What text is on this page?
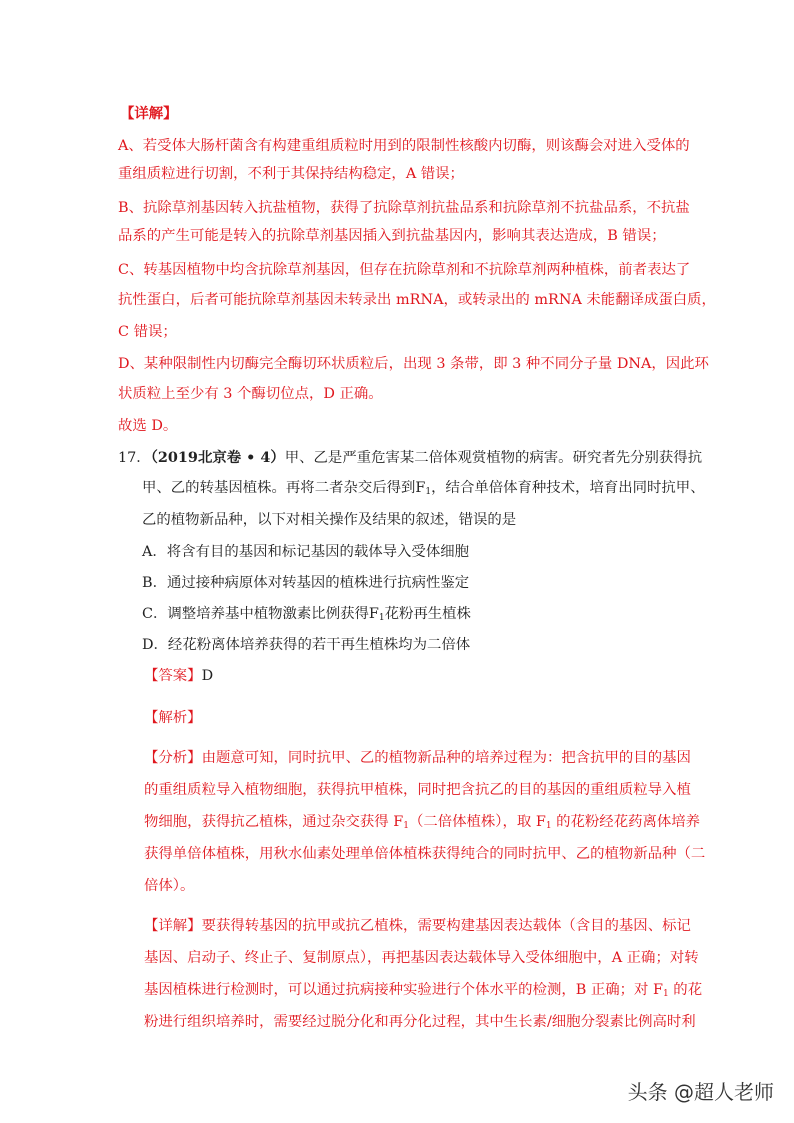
【详解】
A、若受体大肠杆菌含有构建重组质粒时用到的限制性核酸内切酶，则该酶会对进入受体的
重组质粒进行切割，不利于其保持结构稳定，A 错误；
B、抗除草剂基因转入抗盐植物，获得了抗除草剂抗盐品系和抗除草剂不抗盐品系，不抗盐
品系的产生可能是转入的抗除草剂基因插入到抗盐基因内，影响其表达造成，B 错误；
C、转基因植物中均含抗除草剂基因，但存在抗除草剂和不抗除草剂两种植株，前者表达了
抗性蛋白，后者可能抗除草剂基因未转录出 mRNA，或转录出的 mRNA 未能翻译成蛋白质，
C 错误；
D、某种限制性内切酶完全酶切环状质粒后，出现 3 条带，即 3 种不同分子量 DNA，因此环
状质粒上至少有 3 个酶切位点，D 正确。
故选 D。
17．（2019北京卷 • 4）甲、乙是严重危害某二倍体观赏植物的病害。研究者先分别获得抗
甲、乙的转基因植株。再将二者杂交后得到$F_1$，结合单倍体育种技术，培育出同时抗甲、
乙的植物新品种，以下对相关操作及结果的叙述，错误的是
A．将含有目的基因和标记基因的载体导入受体细胞
B．通过接种病原体对转基因的植株进行抗病性鉴定
C．调整培养基中植物激素比例获得$F_1$花粉再生植株
D．经花粉离体培养获得的若干再生植株均为二倍体
【答案】D
【解析】
【分析】由题意可知，同时抗甲、乙的植物新品种的培养过程为：把含抗甲的目的基因
的重组质粒导入植物细胞，获得抗甲植株，同时把含抗乙的目的基因的重组质粒导入植
物细胞，获得抗乙植株，通过杂交获得 $F_1$（二倍体植株），取 $F_1$ 的花粉经花药离体培养
获得单倍体植株，用秋水仙素处理单倍体植株获得纯合的同时抗甲、乙的植物新品种（二
倍体）。
【详解】要获得转基因的抗甲或抗乙植株，需要构建基因表达载体（含目的基因、标记
基因、启动子、终止子、复制原点），再把基因表达载体导入受体细胞中，A 正确；对转
基因植株进行检测时，可以通过抗病接种实验进行个体水平的检测，B 正确；对 $F_1$ 的花
粉进行组织培养时，需要经过脱分化和再分化过程，其中生长素/细胞分裂素比例高时利
头条 @超人老师
